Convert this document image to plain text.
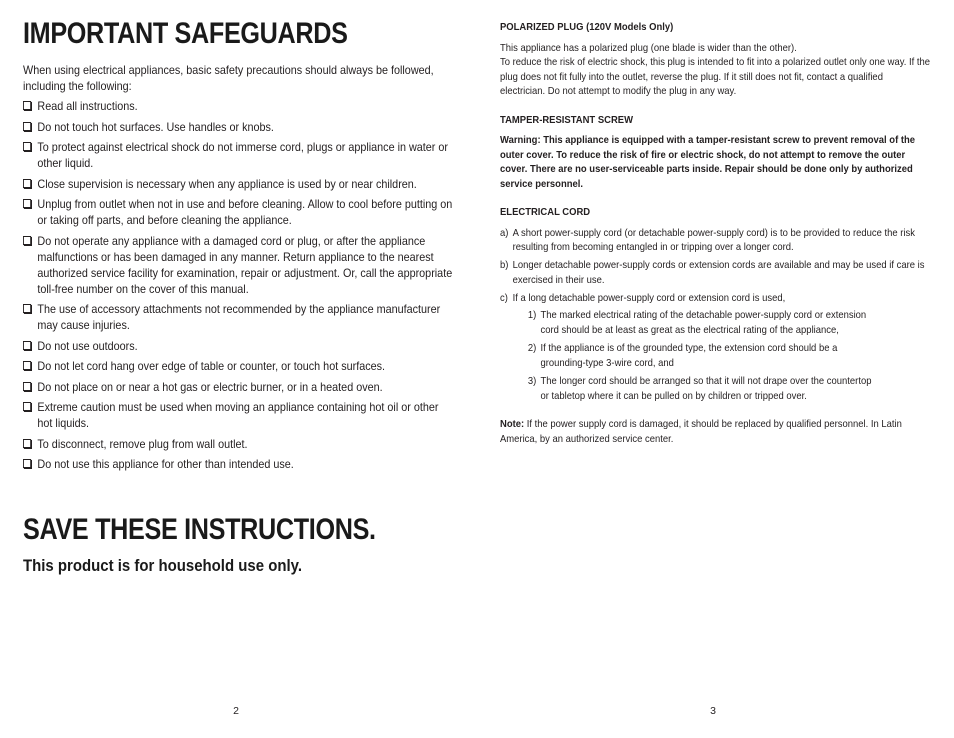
IMPORTANT SAFEGUARDS

When using electrical appliances, basic safety precautions should always be followed, including the following:

Read all instructions.
Do not touch hot surfaces. Use handles or knobs.
To protect against electrical shock do not immerse cord, plugs or appliance in water or other liquid.
Close supervision is necessary when any appliance is used by or near children.
Unplug from outlet when not in use and before cleaning. Allow to cool before putting on or taking off parts, and before cleaning the appliance.
Do not operate any appliance with a damaged cord or plug, or after the appliance malfunctions or has been damaged in any manner. Return appliance to the nearest authorized service facility for examination, repair or adjustment. Or, call the appropriate toll-free number on the cover of this manual.
The use of accessory attachments not recommended by the appliance manufacturer may cause injuries.
Do not use outdoors.
Do not let cord hang over edge of table or counter, or touch hot surfaces.
Do not place on or near a hot gas or electric burner, or in a heated oven.
Extreme caution must be used when moving an appliance containing hot oil or other hot liquids.
To disconnect, remove plug from wall outlet.
Do not use this appliance for other than intended use.
SAVE THESE INSTRUCTIONS.

This product is for household use only.

2
POLARIZED PLUG (120V Models Only)

This appliance has a polarized plug (one blade is wider than the other).

To reduce the risk of electric shock, this plug is intended to fit into a polarized outlet only one way. If the plug does not fit fully into the outlet, reverse the plug. If it still does not fit, contact a qualified electrician. Do not attempt to modify the plug in any way.

TAMPER-RESISTANT SCREW

Warning: This appliance is equipped with a tamper-resistant screw to prevent removal of the outer cover. To reduce the risk of fire or electric shock, do not attempt to remove the outer cover. There are no user-serviceable parts inside. Repair should be done only by authorized service personnel.

ELECTRICAL CORD
a) A short power-supply cord (or detachable power-supply cord) is to be provided to reduce the risk resulting from becoming entangled in or tripping over a longer cord.
b) Longer detachable power-supply cords or extension cords are available and may be used if care is exercised in their use.
c) If a long detachable power-supply cord or extension cord is used,
1) The marked electrical rating of the detachable power-supply cord or extension cord should be at least as great as the electrical rating of the appliance,
2) If the appliance is of the grounded type, the extension cord should be a grounding-type 3-wire cord, and
3) The longer cord should be arranged so that it will not drape over the countertop or tabletop where it can be pulled on by children or tripped over.

Note: If the power supply cord is damaged, it should be replaced by qualified personnel. In Latin America, by an authorized service center.

3
